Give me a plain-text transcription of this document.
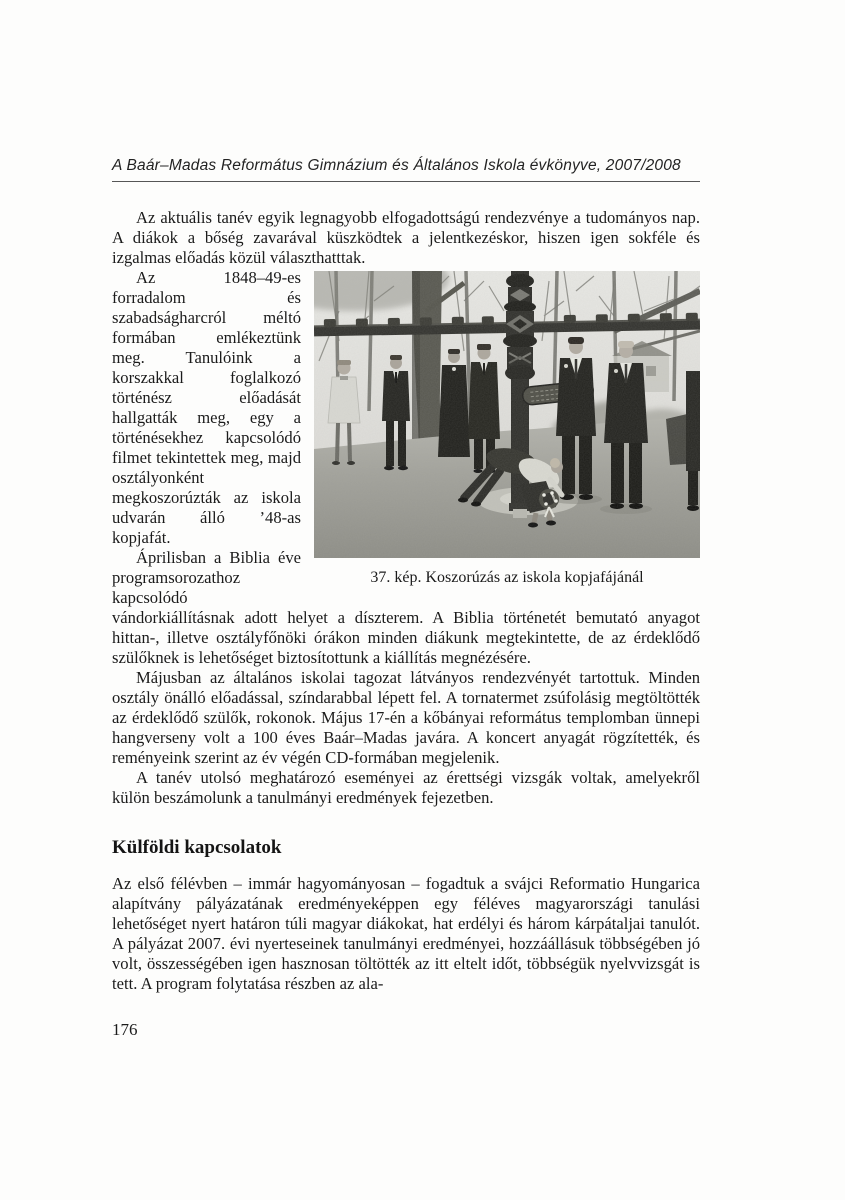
A Baár–Madas Református Gimnázium és Általános Iskola évkönyve, 2007/2008

Az aktuális tanév egyik legnagyobb elfogadottságú rendezvénye a tudományos nap. A diákok a bőség zavarával küszködtek a jelentkezéskor, hiszen igen sokféle és izgalmas előadás közül választhatttak.

37. kép. Koszorúzás az iskola kopjafájánál

Az 1848–49-es forradalom és szabadságharcról méltó formában emlékeztünk meg. Tanulóink a korszakkal foglalkozó történész előadását hallgatták meg, egy a történésekhez kapcsolódó filmet tekintettek meg, majd osztályonként megkoszorúzták az iskola udvarán álló ’48-as kopjafát.

Áprilisban a Biblia éve programsorozathoz kapcsolódó vándorkiállításnak adott helyet a díszterem. A Biblia történetét bemutató anyagot hittan-, illetve osztályfőnöki órákon minden diákunk megtekintette, de az érdeklődő szülőknek is lehetőséget biztosítottunk a kiállítás megnézésére.

Májusban az általános iskolai tagozat látványos rendezvényét tartottuk. Minden osztály önálló előadással, színdarabbal lépett fel. A tornatermet zsúfolásig megtöltötték az érdeklődő szülők, rokonok. Május 17-én a kőbányai református templomban ünnepi hangverseny volt a 100 éves Baár–Madas javára. A koncert anyagát rögzítették, és reményeink szerint az év végén CD-formában megjelenik.

A tanév utolsó meghatározó eseményei az érettségi vizsgák voltak, amelyekről külön beszámolunk a tanulmányi eredmények fejezetben.

Külföldi kapcsolatok

Az első félévben – immár hagyományosan – fogadtuk a svájci Reformatio Hungarica alapítvány pályázatának eredményeképpen egy féléves magyarországi tanulási lehetőséget nyert határon túli magyar diákokat, hat erdélyi és három kárpátaljai tanulót. A pályázat 2007. évi nyerteseinek tanulmányi eredményei, hozzáállásuk többségében jó volt, összességében igen hasznosan töltötték az itt eltelt időt, többségük nyelvvizsgát is tett. A program folytatása részben az ala-

176
